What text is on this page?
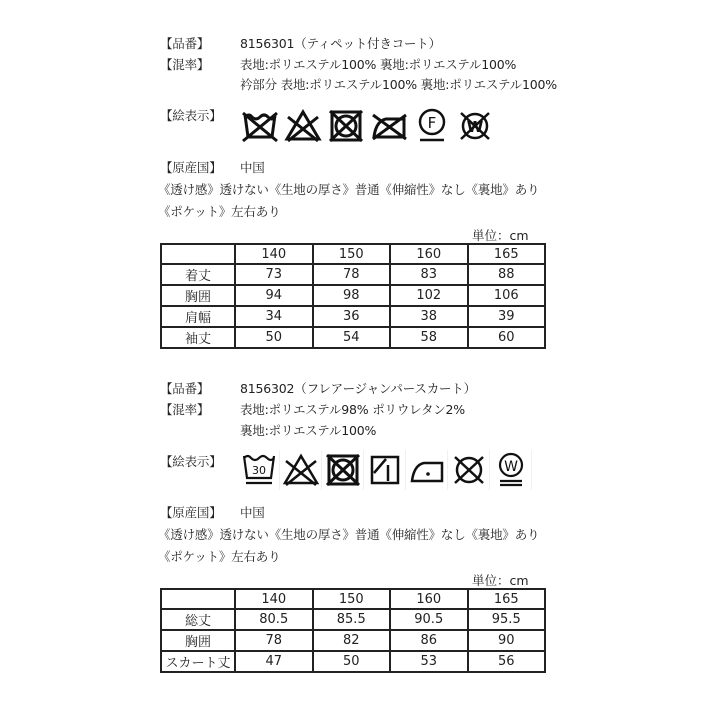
【品番】 8156301（ティペット付きコート）
【混率】 表地:ポリエステル100% 裏地:ポリエステル100%
衿部分 表地:ポリエステル100% 裏地:ポリエステル100%
【絵表示】	F W
【原産国】 中国
《透け感》透けない《生地の厚さ》普通《伸縮性》なし《裏地》あり
《ポケット》左右あり
単位：cm
	140	150	160	165
着丈	73	78	83	88
胸囲	94	98	102	106
肩幅	34	36	38	39
袖丈	50	54	58	60
【品番】 8156302（フレアージャンパースカート）
【混率】 表地:ポリエステル98% ポリウレタン2%
裏地:ポリエステル100%
【絵表示】
30	W
【原産国】 中国
《透け感》透けない《生地の厚さ》普通《伸縮性》なし《裏地》あり
《ポケット》左右あり
単位：cm
	140	150	160	165
総丈	80.5	85.5	90.5	95.5
胸囲	78	82	86	90
スカート丈	47	50	53	56
